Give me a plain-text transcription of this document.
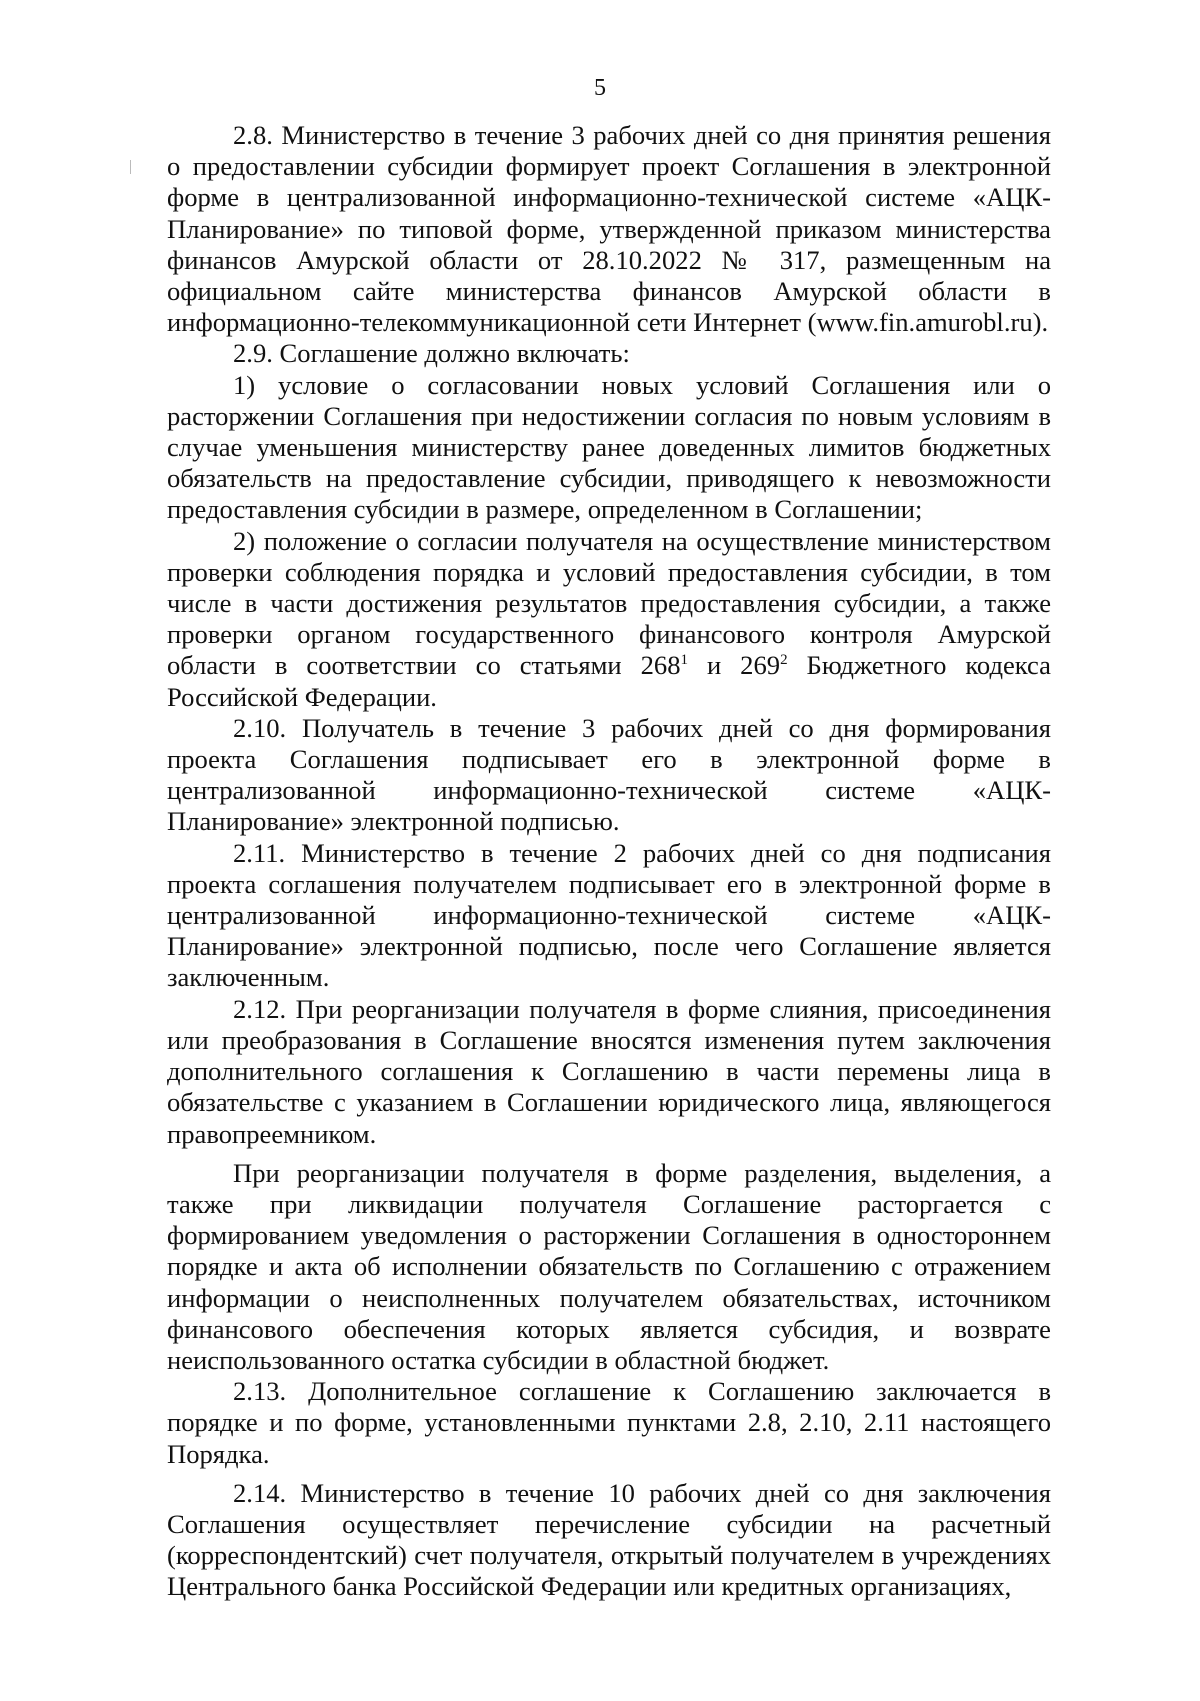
5

2.8. Министерство в течение 3 рабочих дней со дня принятия решения о предоставлении субсидии формирует проект Соглашения в электронной форме в централизованной информационно-технической системе «АЦК-Планирование» по типовой форме, утвержденной приказом министерства финансов Амурской области от 28.10.2022 № 317, размещенным на официальном сайте министерства финансов Амурской области в информационно-телекоммуникационной сети Интернет (www.fin.amurobl.ru).

2.9. Соглашение должно включать:

1) условие о согласовании новых условий Соглашения или о расторжении Соглашения при недостижении согласия по новым условиям в случае уменьшения министерству ранее доведенных лимитов бюджетных обязательств на предоставление субсидии, приводящего к невозможности предоставления субсидии в размере, определенном в Соглашении;

2) положение о согласии получателя на осуществление министерством проверки соблюдения порядка и условий предоставления субсидии, в том числе в части достижения результатов предоставления субсидии, а также проверки органом государственного финансового контроля Амурской области в соответствии со статьями $268^1$ и $269^2$ Бюджетного кодекса Российской Федерации.

2.10. Получатель в течение 3 рабочих дней со дня формирования проекта Соглашения подписывает его в электронной форме в централизованной информационно-технической системе «АЦК-Планирование» электронной подписью.

2.11. Министерство в течение 2 рабочих дней со дня подписания проекта соглашения получателем подписывает его в электронной форме в централизованной информационно-технической системе «АЦК-Планирование» электронной подписью, после чего Соглашение является заключенным.

2.12. При реорганизации получателя в форме слияния, присоединения или преобразования в Соглашение вносятся изменения путем заключения дополнительного соглашения к Соглашению в части перемены лица в обязательстве с указанием в Соглашении юридического лица, являющегося правопреемником.

При реорганизации получателя в форме разделения, выделения, а также при ликвидации получателя Соглашение расторгается с формированием уведомления о расторжении Соглашения в одностороннем порядке и акта об исполнении обязательств по Соглашению с отражением информации о неисполненных получателем обязательствах, источником финансового обеспечения которых является субсидия, и возврате неиспользованного остатка субсидии в областной бюджет.

2.13. Дополнительное соглашение к Соглашению заключается в порядке и по форме, установленными пунктами 2.8, 2.10, 2.11 настоящего Порядка.

2.14. Министерство в течение 10 рабочих дней со дня заключения Соглашения осуществляет перечисление субсидии на расчетный (корреспондентский) счет получателя, открытый получателем в учреждениях Центрального банка Российской Федерации или кредитных организациях,
